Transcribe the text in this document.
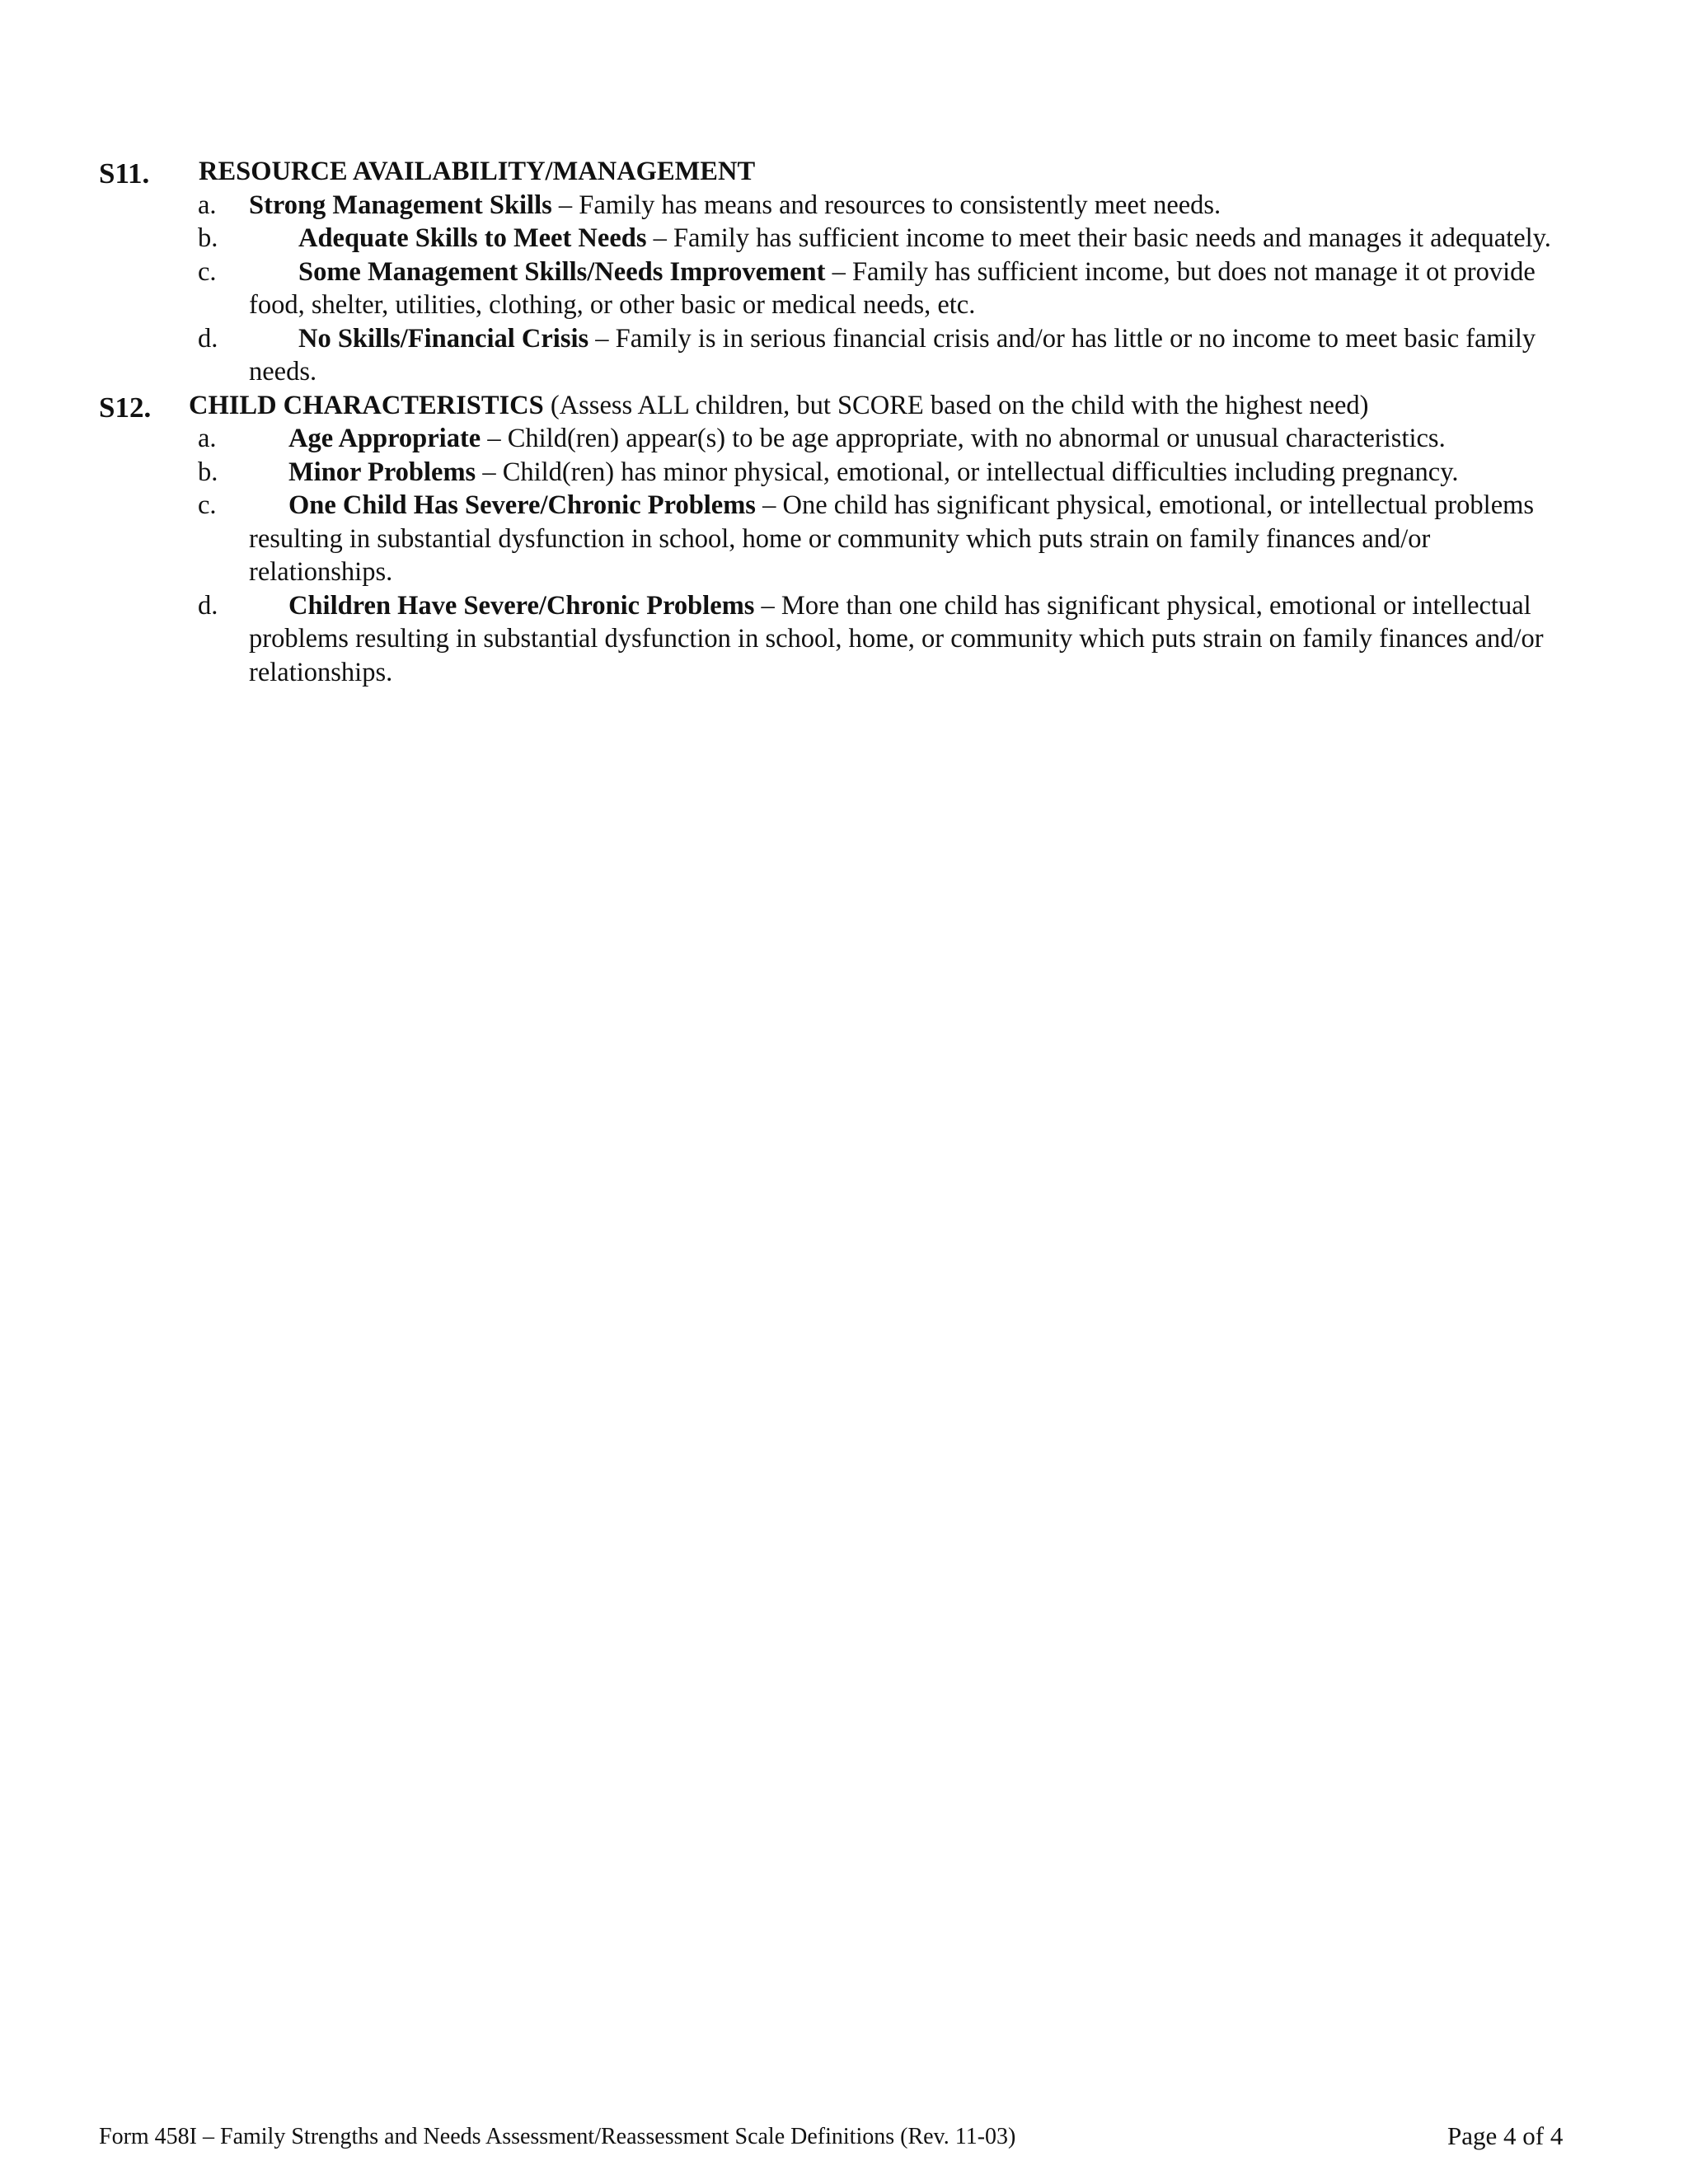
S11. RESOURCE AVAILABILITY/MANAGEMENT
a.	Strong Management Skills – Family has means and resources to consistently meet needs.
b.	Adequate Skills to Meet Needs – Family has sufficient income to meet their basic needs and manages it adequately.
c.	Some Management Skills/Needs Improvement – Family has sufficient income, but does not manage it ot provide food, shelter, utilities, clothing, or other basic or medical needs, etc.
d.	No Skills/Financial Crisis – Family is in serious financial crisis and/or has little or no income to meet basic family needs.
S12. CHILD CHARACTERISTICS (Assess ALL children, but SCORE based on the child with the highest need)
a.	Age Appropriate – Child(ren) appear(s) to be age appropriate, with no abnormal or unusual characteristics.
b.	Minor Problems – Child(ren) has minor physical, emotional, or intellectual difficulties including pregnancy.
c.	One Child Has Severe/Chronic Problems – One child has significant physical, emotional, or intellectual problems resulting in substantial dysfunction in school, home or community which puts strain on family finances and/or relationships.
d.	Children Have Severe/Chronic Problems – More than one child has significant physical, emotional or intellectual problems resulting in substantial dysfunction in school, home, or community which puts strain on family finances and/or relationships.
Form 458I – Family Strengths and Needs Assessment/Reassessment Scale Definitions (Rev. 11-03)	Page 4 of 4
